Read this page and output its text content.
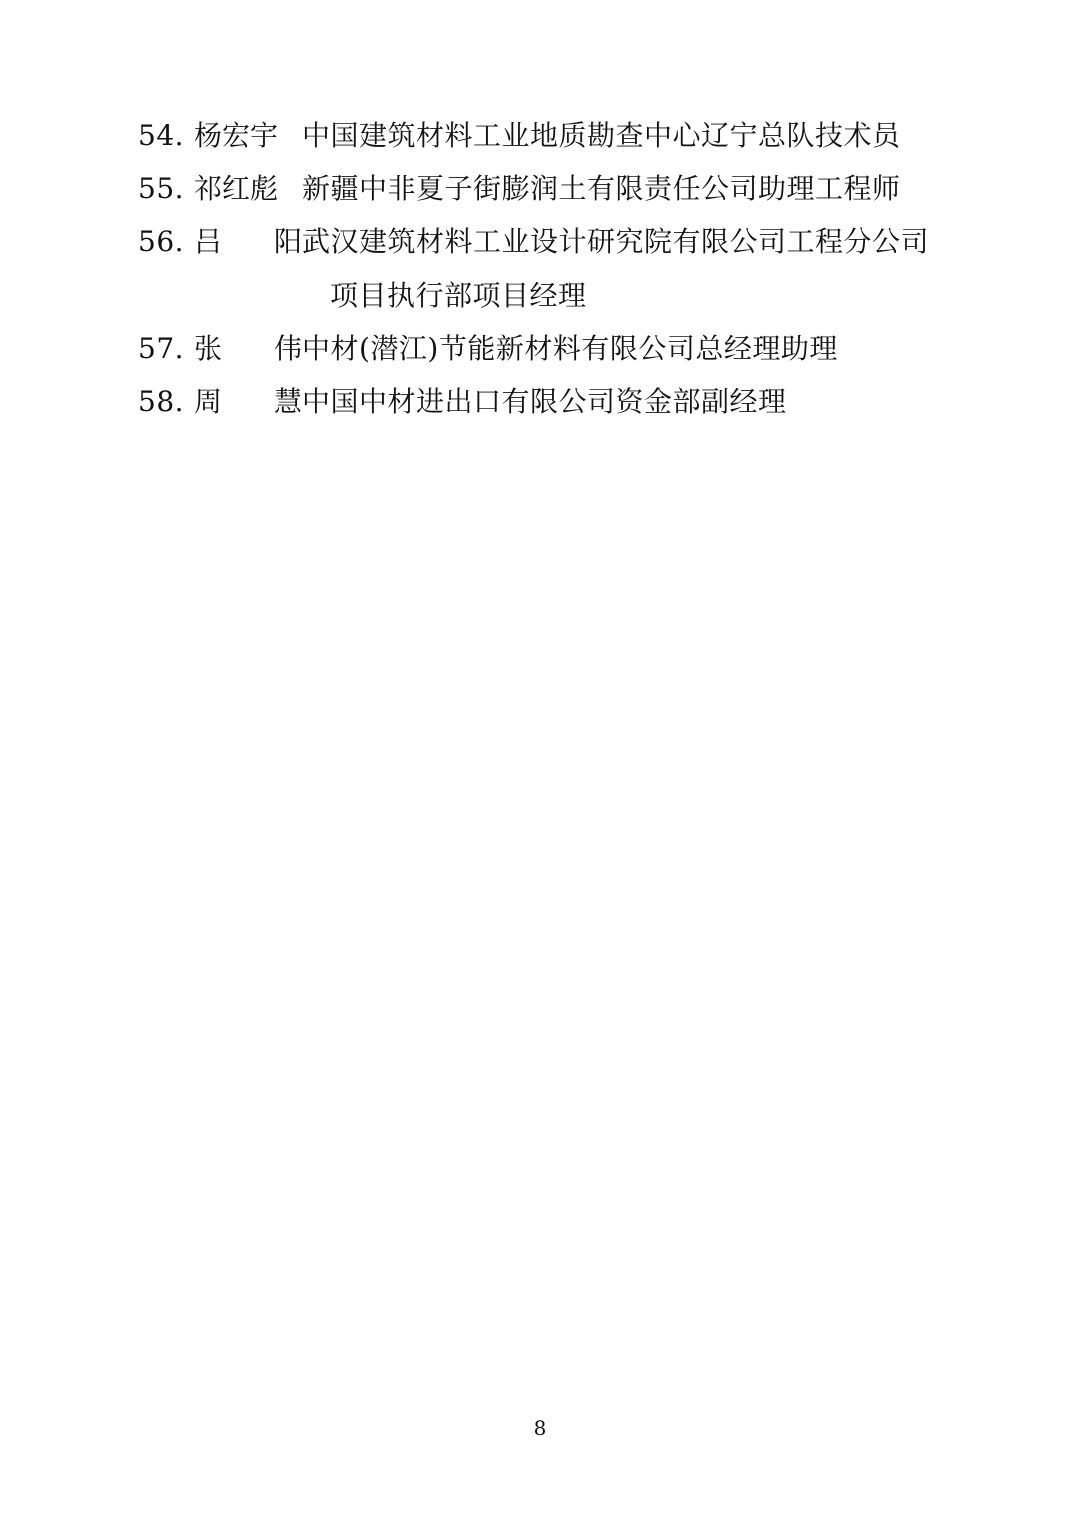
54. 杨宏宇 中国建筑材料工业地质勘查中心辽宁总队技术员
55. 祁红彪 新疆中非夏子街膨润土有限责任公司助理工程师
56. 吕 阳 武汉建筑材料工业设计研究院有限公司工程分公司
项目执行部项目经理
57. 张 伟 中材(潜江)节能新材料有限公司总经理助理
58. 周 慧 中国中材进出口有限公司资金部副经理
8
